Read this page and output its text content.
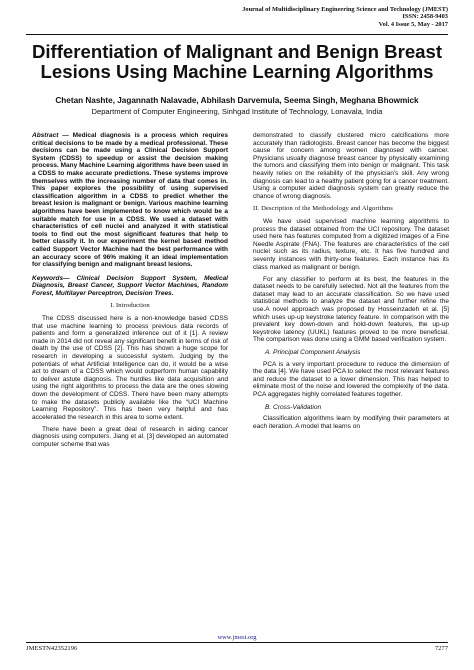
Journal of Multidisciplinary Engineering Science and Technology (JMEST)
ISSN: 2458-9403
Vol. 4 Issue 5, May - 2017
Differentiation of Malignant and Benign Breast Lesions Using Machine Learning Algorithms
Chetan Nashte, Jagannath Nalavade, Abhilash Darvemula, Seema Singh, Meghana Bhowmick
Department of Computer Engineering, Sinhgad Institute of Technology, Lonavala, India

Abstract — Medical diagnosis is a process which requires critical decisions to be made by a medical professional. These decisions can be made using a Clinical Decision Support System (CDSS) to speedup or assist the decision making process. Many Machine Learning algorithms have been used in a CDSS to make accurate predictions. These systems improve themselves with the increasing number of data that comes in. This paper explores the possibility of using supervised classification algorithm in a CDSS to predict whether the breast lesion is malignant or benign. Various machine learning algorithms have been implemented to know which would be a suitable match for use in a CDSS. We used a dataset with characteristics of cell nuclei and analyzed it with statistical tools to find out the most significant features that help to better classify it. In our experiment the kernel based method called Support Vector Machine had the best performance with an accuracy score of 96% making it an ideal implementation for classifying benign and malignant breast lesions.

Keywords— Clinical Decision Support System, Medical Diagnosis, Breast Cancer, Support Vector Machines, Random Forest, Multilayer Perceptron, Decision Trees.

I. Introduction

The CDSS discussed here is a non-knowledge based CDSS that use machine learning to process previous data records of patients and form a generalized inference out of it [1]. A review made in 2014 did not reveal any significant benefit in terms of risk of death by the use of CDSS [2]. This has shown a huge scope for research in developing a successful system. Judging by the potentials of what Artificial Intelligence can do, it would be a wise act to dream of a CDSS which would outperform human capability to deliver astute diagnosis. The hurdles like data acquisition and using the right algorithms to process the data are the ones slowing down the development of CDSS. There have been many attempts to make the datasets publicly available like the “UCI Machine Learning Repository”. This has been very helpful and has accelerated the research in this area to some extent.

There have been a great deal of research in aiding cancer diagnosis using computers. Jiang et al. [3] developed an automated computer scheme that was

demonstrated to classify clustered micro calcifications more accurately than radiologists. Breast cancer has become the biggest cause for concern among women diagnosed with cancer. Physicians usually diagnose breast cancer by physically examining the tumors and classifying them into benign or malignant. This task heavily relies on the reliability of the physician’s skill. Any wrong diagnosis can lead to a healthy patient going for a cancer treatment. Using a computer aided diagnosis system can greatly reduce the chance of wrong diagnosis.

II. Description of the Methodology and Algorithms

We have used supervised machine learning algorithms to process the dataset obtained from the UCI repository. The dataset used here has features computed from a digitized images of a Fine Needle Aspirate (FNA). The features are characteristics of the cell nuclei such as its radius, texture, etc. It has five hundred and seventy instances with thirty-one features. Each instance has its class marked as malignant or benign.

For any classifier to perform at its best, the features in the dataset needs to be carefully selected. Not all the features from the dataset may lead to an accurate classification. So we have used statistical methods to analyze the dataset and further refine the use.A novel approach was proposed by Hosseinzadeh et al. [5] which uses up-up keystroke latency feature. In comparison with the prevalent key down-down and hold-down features, the up-up keystroke latency (UUKL) features proved to be more beneficial. The comparison was done using a GMM based verification system.

A. Principal Component Analysis

PCA is a very important procedure to reduce the dimension of the data [4]. We have used PCA to select the most relevant features and reduce the dataset to a lower dimension. This has helped to eliminate most of the noise and lowered the complexity of the data. PCA aggregates highly correlated features together.

B. Cross-Validation

Classification algorithms learn by modifying their parameters at each iteration. A model that learns on

www.jmest.org
JMESTN42352196	7277
